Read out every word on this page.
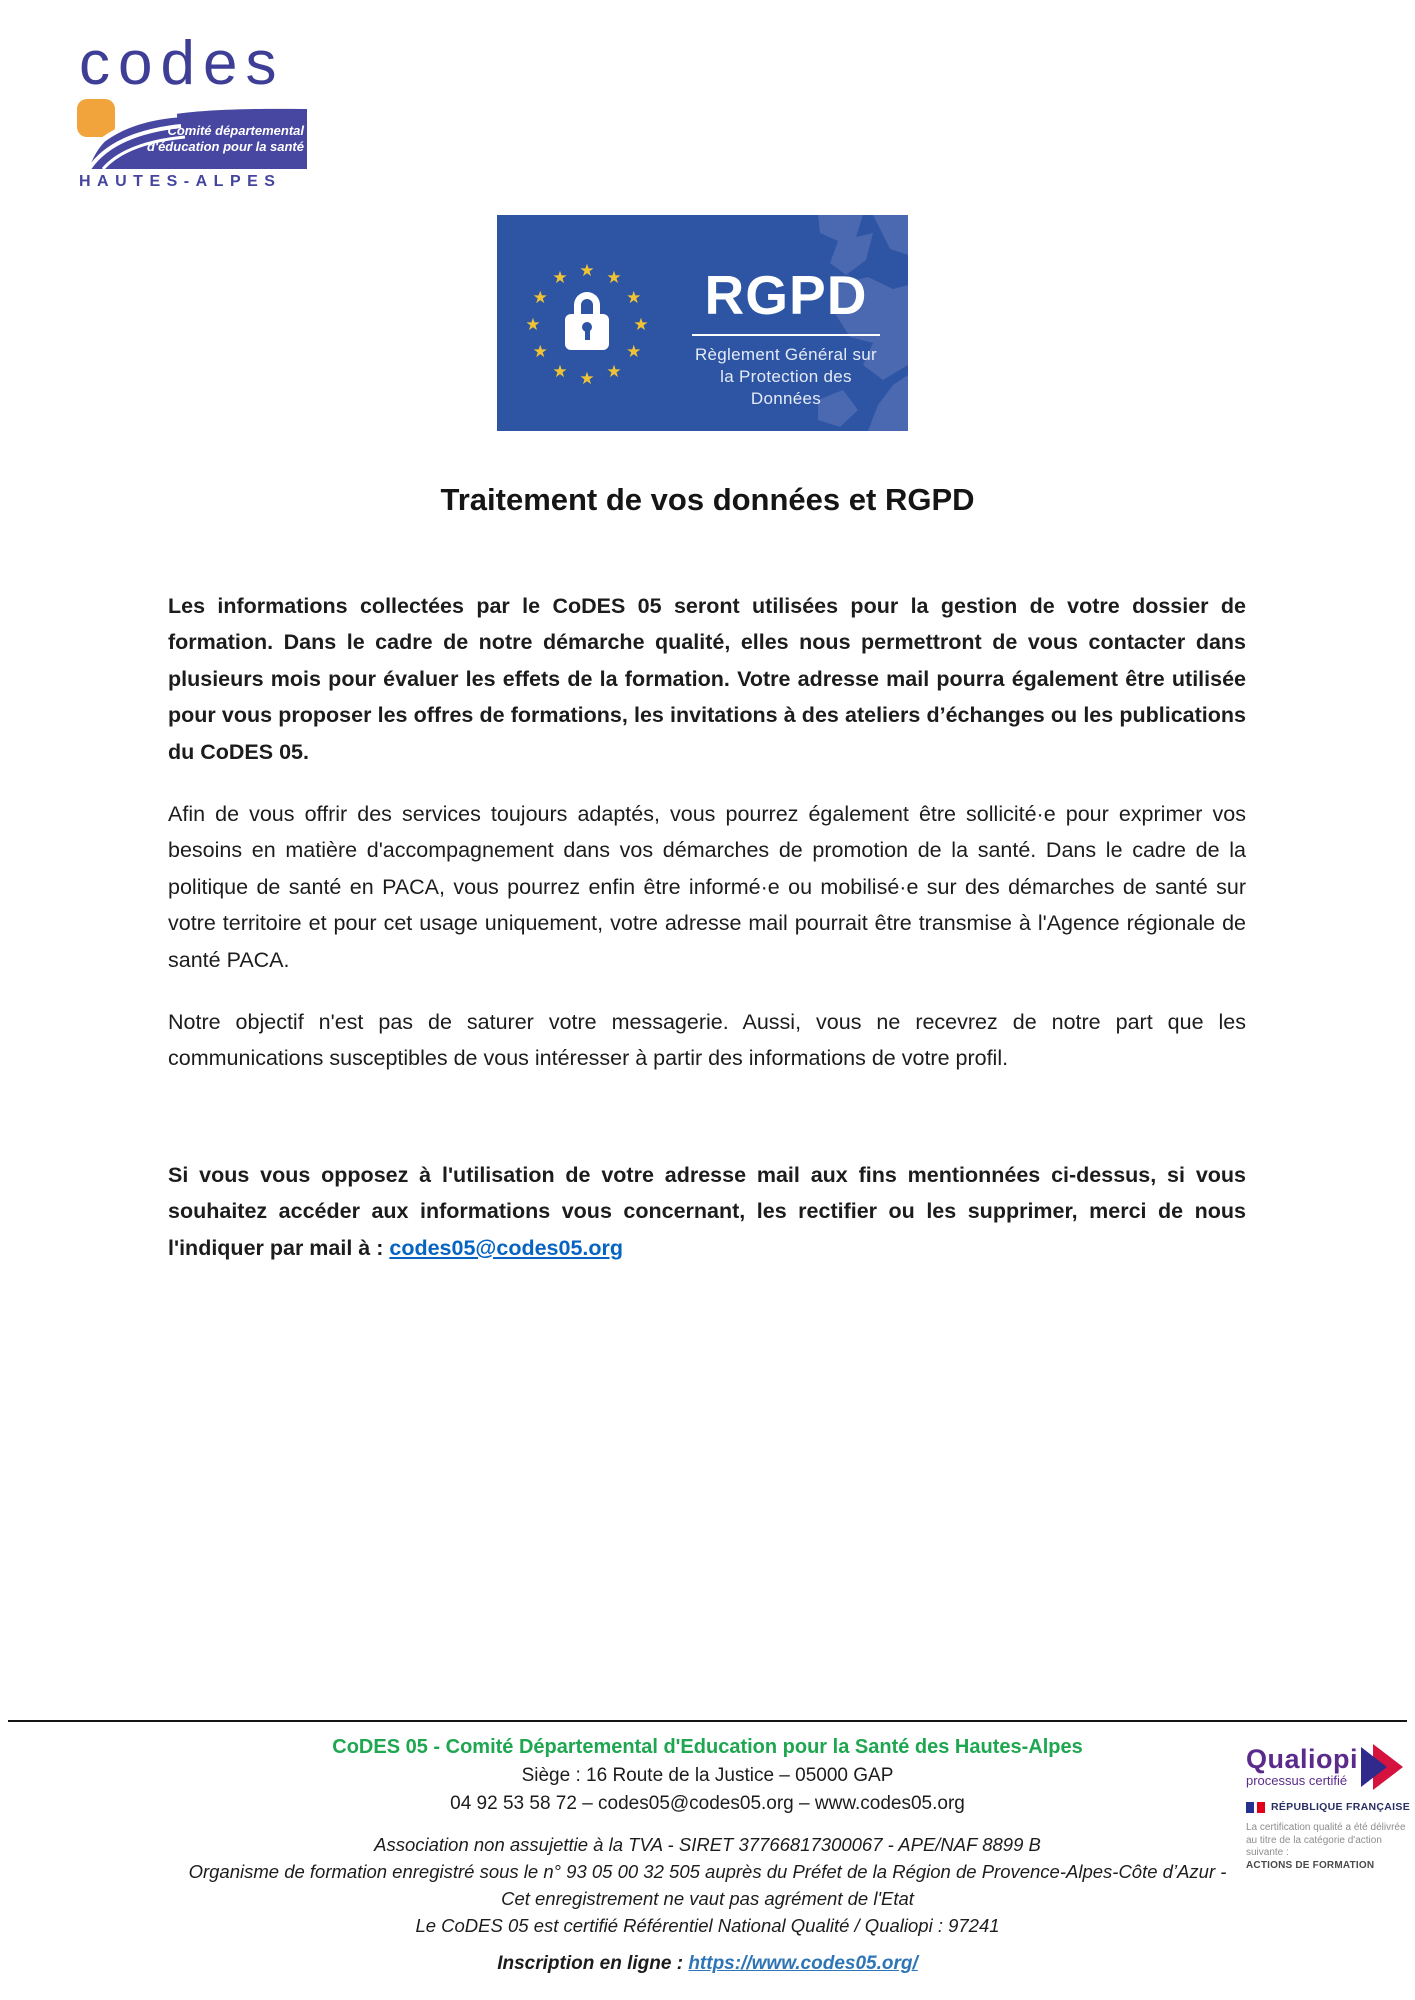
codes
Comité départemental
d'éducation pour la santé
HAUTES-ALPES
★ ★
★
★
★
★
★
★
★
★
★
★ RGPD
Règlement Général sur
la Protection des Données
Traitement de vos données et RGPD

Les informations collectées par le CoDES 05 seront utilisées pour la gestion de votre dossier de formation. Dans le cadre de notre démarche qualité, elles nous permettront de vous contacter dans plusieurs mois pour évaluer les effets de la formation. Votre adresse mail pourra également être utilisée pour vous proposer les offres de formations, les invitations à des ateliers d’échanges ou les publications du CoDES 05.

Afin de vous offrir des services toujours adaptés, vous pourrez également être sollicité·e pour exprimer vos besoins en matière d'accompagnement dans vos démarches de promotion de la santé. Dans le cadre de la politique de santé en PACA, vous pourrez enfin être informé·e ou mobilisé·e sur des démarches de santé sur votre territoire et pour cet usage uniquement, votre adresse mail pourrait être transmise à l'Agence régionale de santé PACA.

Notre objectif n'est pas de saturer votre messagerie. Aussi, vous ne recevrez de notre part que les communications susceptibles de vous intéresser à partir des informations de votre profil.

Si vous vous opposez à l'utilisation de votre adresse mail aux fins mentionnées ci-dessus, si vous souhaitez accéder aux informations vous concernant, les rectifier ou les supprimer, merci de nous l'indiquer par mail à : codes05@codes05.org

CoDES 05 - Comité Départemental d'Education pour la Santé des Hautes-Alpes
Siège : 16 Route de la Justice – 05000 GAP
04 92 53 58 72 – codes05@codes05.org – www.codes05.org
Association non assujettie à la TVA - SIRET 37766817300067 - APE/NAF 8899 B
Organisme de formation enregistré sous le n° 93 05 00 32 505 auprès du Préfet de la Région de Provence-Alpes-Côte d’Azur -
Cet enregistrement ne vaut pas agrément de l'Etat
Le CoDES 05 est certifié Référentiel National Qualité / Qualiopi : 97241
Inscription en ligne : https://www.codes05.org/
Qualiopi
processus certifié
RÉPUBLIQUE FRANÇAISE
La certification qualité a été délivrée
au titre de la catégorie d'action suivante :
ACTIONS DE FORMATION
